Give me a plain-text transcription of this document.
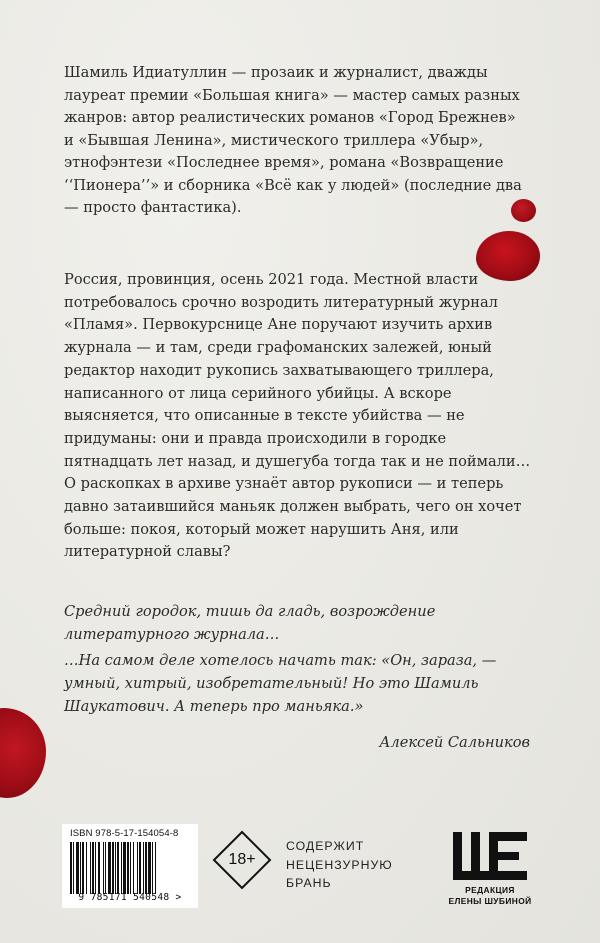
Шамиль Идиатуллин — прозаик и журналист, дважды лауреат премии «Большая книга» — мастер самых разных жанров: автор реалистических романов «Город Брежнев» и «Бывшая Ленина», мистического триллера «Убыр», этнофэнтези «Последнее время», романа «Возвращение ‘‘Пионера’’» и сборника «Всё как у людей» (последние два — просто фантастика).

Россия, провинция, осень 2021 года. Местной власти потребовалось срочно возродить литературный журнал «Пламя». Первокурснице Ане поручают изучить архив журнала — и там, среди графоманских залежей, юный редактор находит рукопись захватывающего триллера, написанного от лица серийного убийцы. А вскоре выясняется, что описанные в тексте убийства — не придуманы: они и правда происходили в городке пятнадцать лет назад, и душегуба тогда так и не поймали…

О раскопках в архиве узнаёт автор рукописи — и теперь давно затаившийся маньяк должен выбрать, чего он хочет больше: покоя, который может нарушить Аня, или литературной славы?

Средний городок, тишь да гладь, возрождение литературного журнала…

…На самом деле хотелось начать так: «Он, зараза, — умный, хитрый, изобретательный! Но это Шамиль Шаукатович. А теперь про маньяка.»

Алексей Сальников
ISBN 978-5-17-154054-8
9 785171 540548 >
18+
СОДЕРЖИТ
НЕЦЕНЗУРНУЮ
БРАНЬ	РЕДАКЦИЯ
ЕЛЕНЫ ШУБИНОЙ
